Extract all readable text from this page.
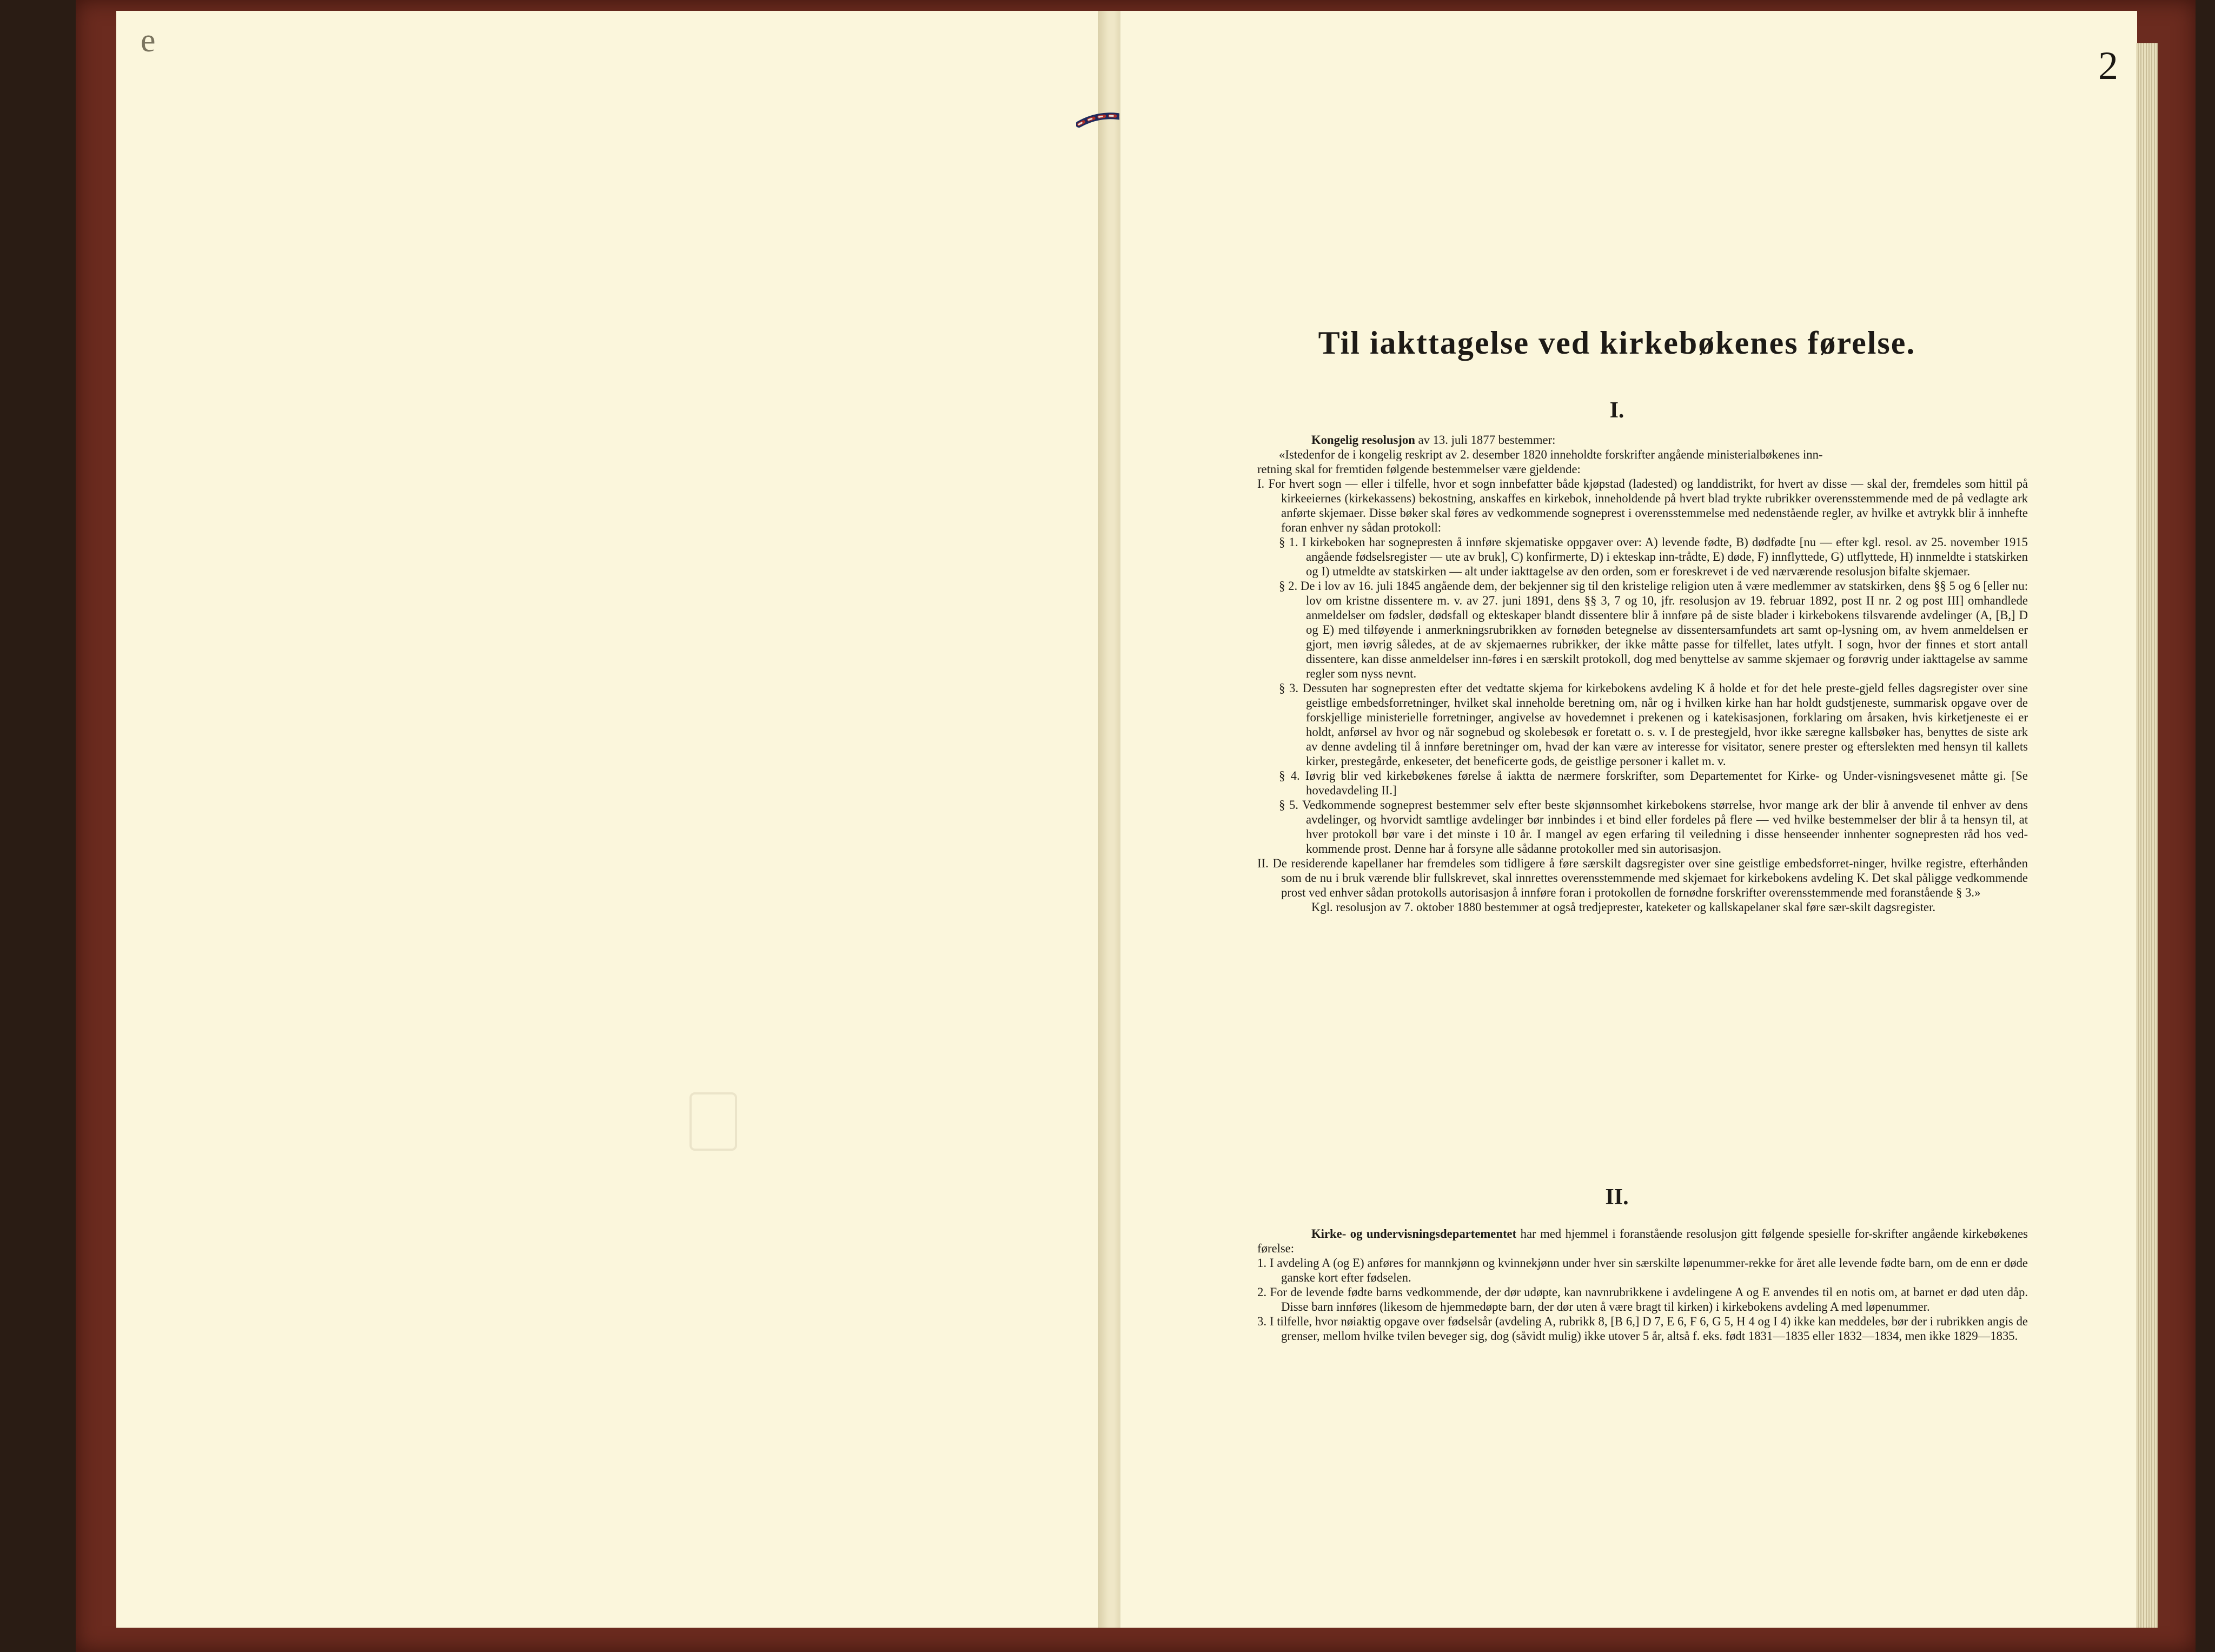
e
2
Til iakttagelse ved kirkebøkenes førelse.
I.

Kongelig resolusjon av 13. juli 1877 bestemmer:

«Istedenfor de i kongelig reskript av 2. desember 1820 inneholdte forskrifter angående ministerialbøkenes inn-

retning skal for fremtiden følgende bestemmelser være gjeldende:

I. For hvert sogn — eller i tilfelle, hvor et sogn innbefatter både kjøpstad (ladested) og landdistrikt, for hvert av disse — skal der, fremdeles som hittil på kirkeeiernes (kirkekassens) bekostning, anskaffes en kirkebok, inneholdende på hvert blad trykte rubrikker overensstemmende med de på vedlagte ark anførte skjemaer. Disse bøker skal føres av vedkommende sogneprest i overensstemmelse med nedenstående regler, av hvilke et avtrykk blir å innhefte foran enhver ny sådan protokoll:

§ 1. I kirkeboken har sognepresten å innføre skjematiske oppgaver over: A) levende fødte, B) dødfødte [nu — efter kgl. resol. av 25. november 1915 angående fødselsregister — ute av bruk], C) konfirmerte, D) i ekteskap inn-trådte, E) døde, F) innflyttede, G) utflyttede, H) innmeldte i statskirken og I) utmeldte av statskirken — alt under iakttagelse av den orden, som er foreskrevet i de ved nærværende resolusjon bifalte skjemaer.

§ 2. De i lov av 16. juli 1845 angående dem, der bekjenner sig til den kristelige religion uten å være medlemmer av statskirken, dens §§ 5 og 6 [eller nu: lov om kristne dissentere m. v. av 27. juni 1891, dens §§ 3, 7 og 10, jfr. resolusjon av 19. februar 1892, post II nr. 2 og post III] omhandlede anmeldelser om fødsler, dødsfall og ekteskaper blandt dissentere blir å innføre på de siste blader i kirkebokens tilsvarende avdelinger (A, [B,] D og E) med tilføyende i anmerkningsrubrikken av fornøden betegnelse av dissentersamfundets art samt op-lysning om, av hvem anmeldelsen er gjort, men iøvrig således, at de av skjemaernes rubrikker, der ikke måtte passe for tilfellet, lates utfylt. I sogn, hvor der finnes et stort antall dissentere, kan disse anmeldelser inn-føres i en særskilt protokoll, dog med benyttelse av samme skjemaer og forøvrig under iakttagelse av samme regler som nyss nevnt.

§ 3. Dessuten har sognepresten efter det vedtatte skjema for kirkebokens avdeling K å holde et for det hele preste-gjeld felles dagsregister over sine geistlige embedsforretninger, hvilket skal inneholde beretning om, når og i hvilken kirke han har holdt gudstjeneste, summarisk opgave over de forskjellige ministerielle forretninger, angivelse av hovedemnet i prekenen og i katekisasjonen, forklaring om årsaken, hvis kirketjeneste ei er holdt, anførsel av hvor og når sognebud og skolebesøk er foretatt o. s. v. I de prestegjeld, hvor ikke særegne kallsbøker has, benyttes de siste ark av denne avdeling til å innføre beretninger om, hvad der kan være av interesse for visitator, senere prester og efterslekten med hensyn til kallets kirker, prestegårde, enkeseter, det beneficerte gods, de geistlige personer i kallet m. v.

§ 4. Iøvrig blir ved kirkebøkenes førelse å iaktta de nærmere forskrifter, som Departementet for Kirke- og Under-visningsvesenet måtte gi. [Se hovedavdeling II.]

§ 5. Vedkommende sogneprest bestemmer selv efter beste skjønnsomhet kirkebokens størrelse, hvor mange ark der blir å anvende til enhver av dens avdelinger, og hvorvidt samtlige avdelinger bør innbindes i et bind eller fordeles på flere — ved hvilke bestemmelser der blir å ta hensyn til, at hver protokoll bør vare i det minste i 10 år. I mangel av egen erfaring til veiledning i disse henseender innhenter sognepresten råd hos ved-kommende prost. Denne har å forsyne alle sådanne protokoller med sin autorisasjon.

II. De residerende kapellaner har fremdeles som tidligere å føre særskilt dagsregister over sine geistlige embedsforret-ninger, hvilke registre, efterhånden som de nu i bruk værende blir fullskrevet, skal innrettes overensstemmende med skjemaet for kirkebokens avdeling K. Det skal påligge vedkommende prost ved enhver sådan protokolls autorisasjon å innføre foran i protokollen de fornødne forskrifter overensstemmende med foranstående § 3.»

Kgl. resolusjon av 7. oktober 1880 bestemmer at også tredjeprester, kateketer og kallskapelaner skal føre sær-skilt dagsregister.

II.

Kirke- og undervisningsdepartementet har med hjemmel i foranstående resolusjon gitt følgende spesielle for-skrifter angående kirkebøkenes førelse:

1. I avdeling A (og E) anføres for mannkjønn og kvinnekjønn under hver sin særskilte løpenummer-rekke for året alle levende fødte barn, om de enn er døde ganske kort efter fødselen.

2. For de levende fødte barns vedkommende, der dør udøpte, kan navnrubrikkene i avdelingene A og E anvendes til en notis om, at barnet er død uten dåp. Disse barn innføres (likesom de hjemmedøpte barn, der dør uten å være bragt til kirken) i kirkebokens avdeling A med løpenummer.

3. I tilfelle, hvor nøiaktig opgave over fødselsår (avdeling A, rubrikk 8, [B 6,] D 7, E 6, F 6, G 5, H 4 og I 4) ikke kan meddeles, bør der i rubrikken angis de grenser, mellom hvilke tvilen beveger sig, dog (såvidt mulig) ikke utover 5 år, altså f. eks. født 1831—1835 eller 1832—1834, men ikke 1829—1835.
